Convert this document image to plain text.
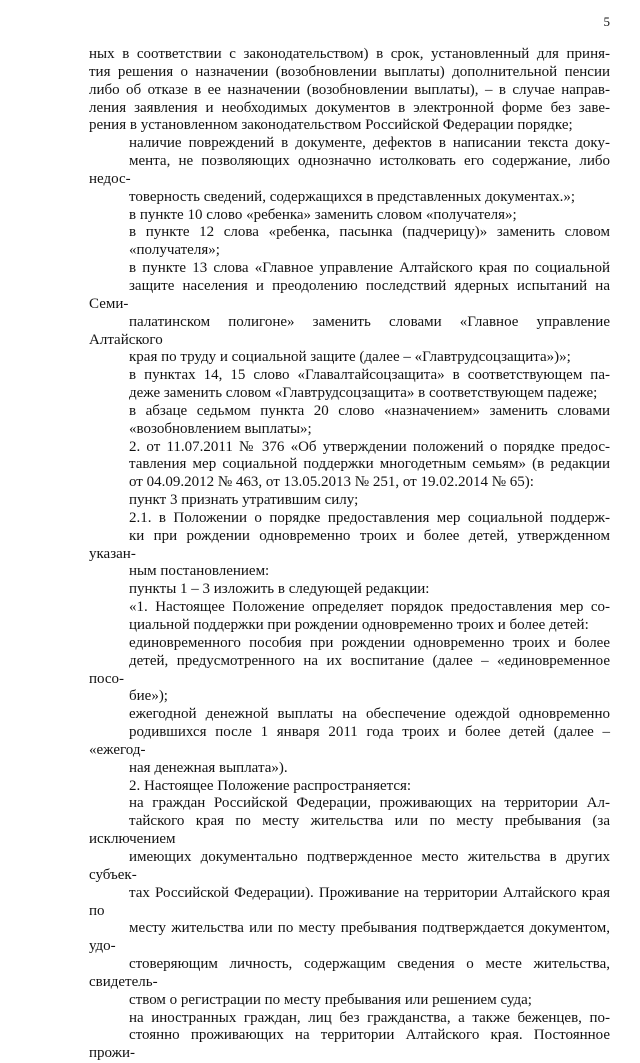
5
ных в соответствии с законодательством) в срок, установленный для приня-
тия решения о назначении (возобновлении выплаты) дополнительной пенсии
либо об отказе в ее назначении (возобновлении выплаты), – в случае направ-
ления заявления и необходимых документов в электронной форме без заве-
рения в установленном законодательством Российской Федерации порядке;
наличие повреждений в документе, дефектов в написании текста доку-
мента, не позволяющих однозначно истолковать его содержание, либо недос-
товерность сведений, содержащихся в представленных документах.»;
в пункте 10 слово «ребенка» заменить словом «получателя»;
в пункте 12 слова «ребенка, пасынка (падчерицу)» заменить словом
«получателя»;
в пункте 13 слова «Главное управление Алтайского края по социальной
защите населения и преодолению последствий ядерных испытаний на Семи-
палатинском полигоне» заменить словами «Главное управление Алтайского
края по труду и социальной защите (далее – «Главтрудсоцзащита»)»;
в пунктах 14, 15 слово «Главалтайсоцзащита» в соответствующем па-
деже заменить словом «Главтрудсоцзащита» в соответствующем падеже;
в абзаце седьмом пункта 20 слово «назначением» заменить словами
«возобновлением выплаты»;
2. от 11.07.2011 № 376 «Об утверждении положений о порядке предос-
тавления мер социальной поддержки многодетным семьям» (в редакции
от 04.09.2012 № 463, от 13.05.2013 № 251, от 19.02.2014 № 65):
пункт 3 признать утратившим силу;
2.1. в Положении о порядке предоставления мер социальной поддерж-
ки при рождении одновременно троих и более детей, утвержденном указан-
ным постановлением:
пункты 1 – 3 изложить в следующей редакции:
«1. Настоящее Положение определяет порядок предоставления мер со-
циальной поддержки при рождении одновременно троих и более детей:
единовременного пособия при рождении одновременно троих и более
детей, предусмотренного на их воспитание (далее – «единовременное посо-
бие»);
ежегодной денежной выплаты на обеспечение одеждой одновременно
родившихся после 1 января 2011 года троих и более детей (далее – «ежегод-
ная денежная выплата»).
2. Настоящее Положение распространяется:
на граждан Российской Федерации, проживающих на территории Ал-
тайского края по месту жительства или по месту пребывания (за исключением
имеющих документально подтвержденное место жительства в других субъек-
тах Российской Федерации). Проживание на территории Алтайского края по
месту жительства или по месту пребывания подтверждается документом, удо-
стоверяющим личность, содержащим сведения о месте жительства, свидетель-
ством о регистрации по месту пребывания или решением суда;
на иностранных граждан, лиц без гражданства, а также беженцев, по-
стоянно проживающих на территории Алтайского края. Постоянное прожи-
